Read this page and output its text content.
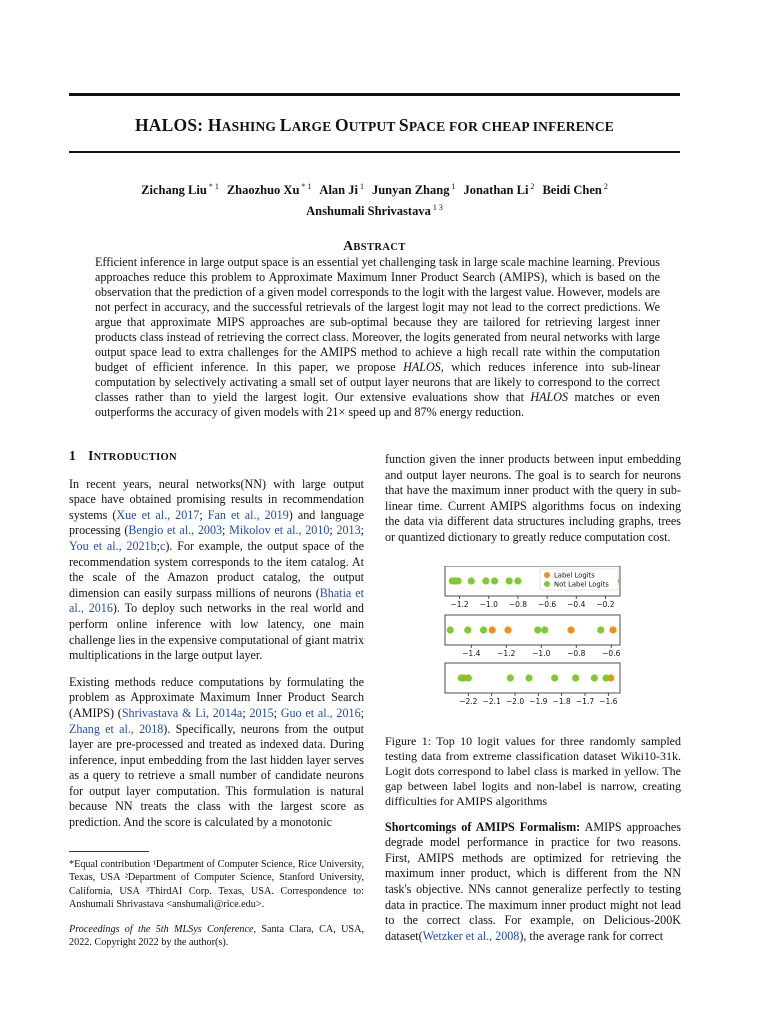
HALOS: HASHING LARGE OUTPUT SPACE FOR CHEAP INFERENCE
Zichang Liu $^{* 1}$ Zhaozhuo Xu $^{* 1}$ Alan Ji $^1$ Junyan Zhang $^1$ Jonathan Li $^2$ Beidi Chen $^2$
Anshumali Shrivastava $^{1 3}$
ABSTRACT

Efficient inference in large output space is an essential yet challenging task in large scale machine learning. Previous approaches reduce this problem to Approximate Maximum Inner Product Search (AMIPS), which is based on the observation that the prediction of a given model corresponds to the logit with the largest value. However, models are not perfect in accuracy, and the successful retrievals of the largest logit may not lead to the correct predictions. We argue that approximate MIPS approaches are sub-optimal because they are tailored for retrieving largest inner products class instead of retrieving the correct class. Moreover, the logits generated from neural networks with large output space lead to extra challenges for the AMIPS method to achieve a high recall rate within the computation budget of efficient inference. In this paper, we propose HALOS, which reduces inference into sub-linear computation by selectively activating a small set of output layer neurons that are likely to correspond to the correct classes rather than to yield the largest logit. Our extensive evaluations show that HALOS matches or even outperforms the accuracy of given models with 21× speed up and 87% energy reduction.

1 INTRODUCTION

In recent years, neural networks(NN) with large output space have obtained promising results in recommendation systems (Xue et al., 2017; Fan et al., 2019) and language processing (Bengio et al., 2003; Mikolov et al., 2010; 2013; You et al., 2021b;c). For example, the output space of the recommendation system corresponds to the item catalog. At the scale of the Amazon product catalog, the output dimension can easily surpass millions of neurons (Bhatia et al., 2016). To deploy such networks in the real world and perform online inference with low latency, one main challenge lies in the expensive computational of giant matrix multiplications in the large output layer.

Existing methods reduce computations by formulating the problem as Approximate Maximum Inner Product Search (AMIPS) (Shrivastava & Li, 2014a; 2015; Guo et al., 2016; Zhang et al., 2018). Specifically, neurons from the output layer are pre-processed and treated as indexed data. During inference, input embedding from the last hidden layer serves as a query to retrieve a small number of candidate neurons for output layer computation. This formulation is natural because NN treats the class with the largest score as prediction. And the score is calculated by a monotonic

*Equal contribution ¹Department of Computer Science, Rice University, Texas, USA ²Department of Computer Science, Stanford University, California, USA ³ThirdAI Corp. Texas, USA. Correspondence to: Anshumali Shrivastava <anshumali@rice.edu>.

Proceedings of the 5th MLSys Conference, Santa Clara, CA, USA, 2022. Copyright 2022 by the author(s).

function given the inner products between input embedding and output layer neurons. The goal is to search for neurons that have the maximum inner product with the query in sub-linear time. Current AMIPS algorithms focus on indexing the data via different data structures including graphs, trees or quantized dictionary to greatly reduce computation cost.

−1.2 −1.0 −0.8 −0.6 −0.4 −0.2
Label Logits
Not Label Logits
−1.4 −1.2 −1.0 −0.8 −0.6
−2.2 −2.1 −2.0 −1.9 −1.8 −1.7 −1.6

Figure 1: Top 10 logit values for three randomly sampled testing data from extreme classification dataset Wiki10-31k. Logit dots correspond to label class is marked in yellow. The gap between label logits and non-label is narrow, creating difficulties for AMIPS algorithms

Shortcomings of AMIPS Formalism: AMIPS approaches degrade model performance in practice for two reasons. First, AMIPS methods are optimized for retrieving the maximum inner product, which is different from the NN task's objective. NNs cannot generalize perfectly to testing data in practice. The maximum inner product might not lead to the correct class. For example, on Delicious-200K dataset(Wetzker et al., 2008), the average rank for correct
